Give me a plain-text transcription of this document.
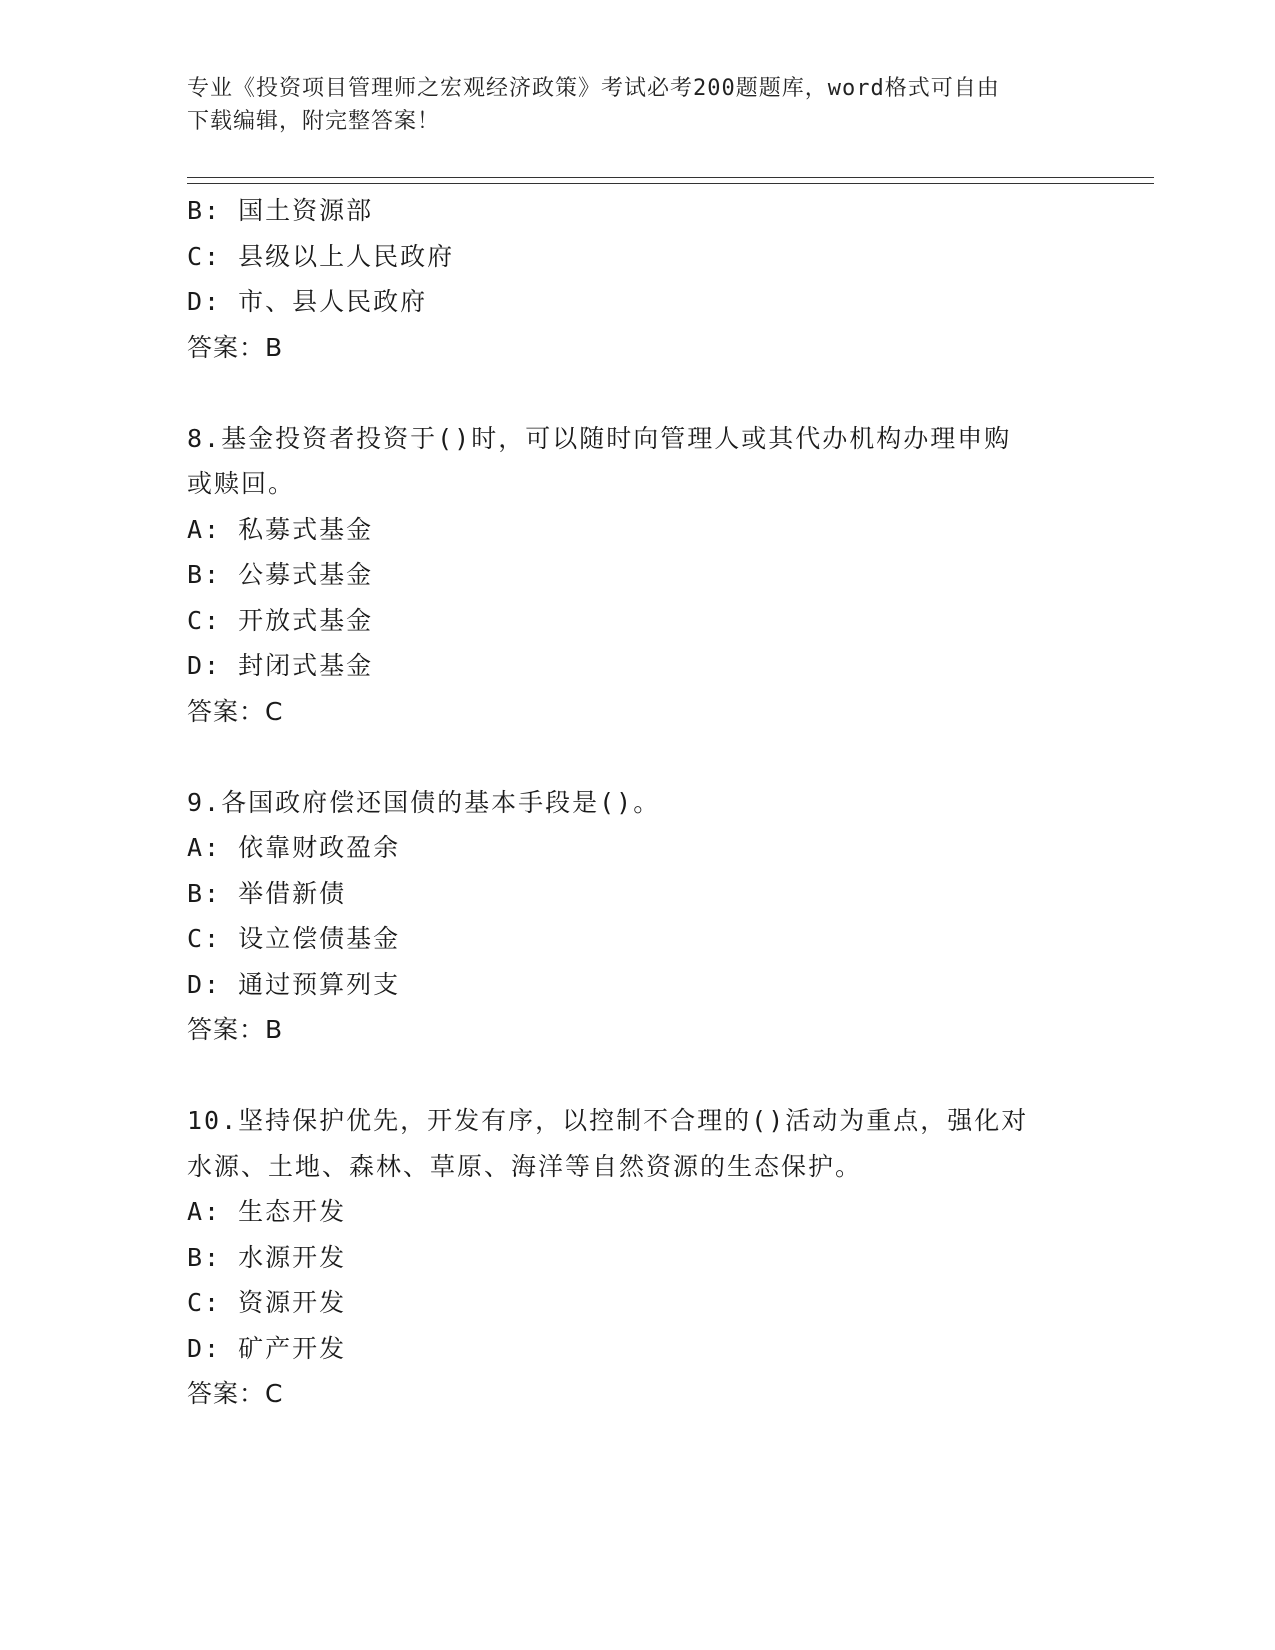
专业《投资项目管理师之宏观经济政策》考试必考200题题库，word格式可自由
下载编辑，附完整答案！
B: 国土资源部
C: 县级以上人民政府
D: 市、县人民政府
答案：B
8.基金投资者投资于()时，可以随时向管理人或其代办机构办理申购
或赎回。
A: 私募式基金
B: 公募式基金
C: 开放式基金
D: 封闭式基金
答案：C
9.各国政府偿还国债的基本手段是()。
A: 依靠财政盈余
B: 举借新债
C: 设立偿债基金
D: 通过预算列支
答案：B
10.坚持保护优先，开发有序，以控制不合理的()活动为重点，强化对
水源、土地、森林、草原、海洋等自然资源的生态保护。
A: 生态开发
B: 水源开发
C: 资源开发
D: 矿产开发
答案：C
